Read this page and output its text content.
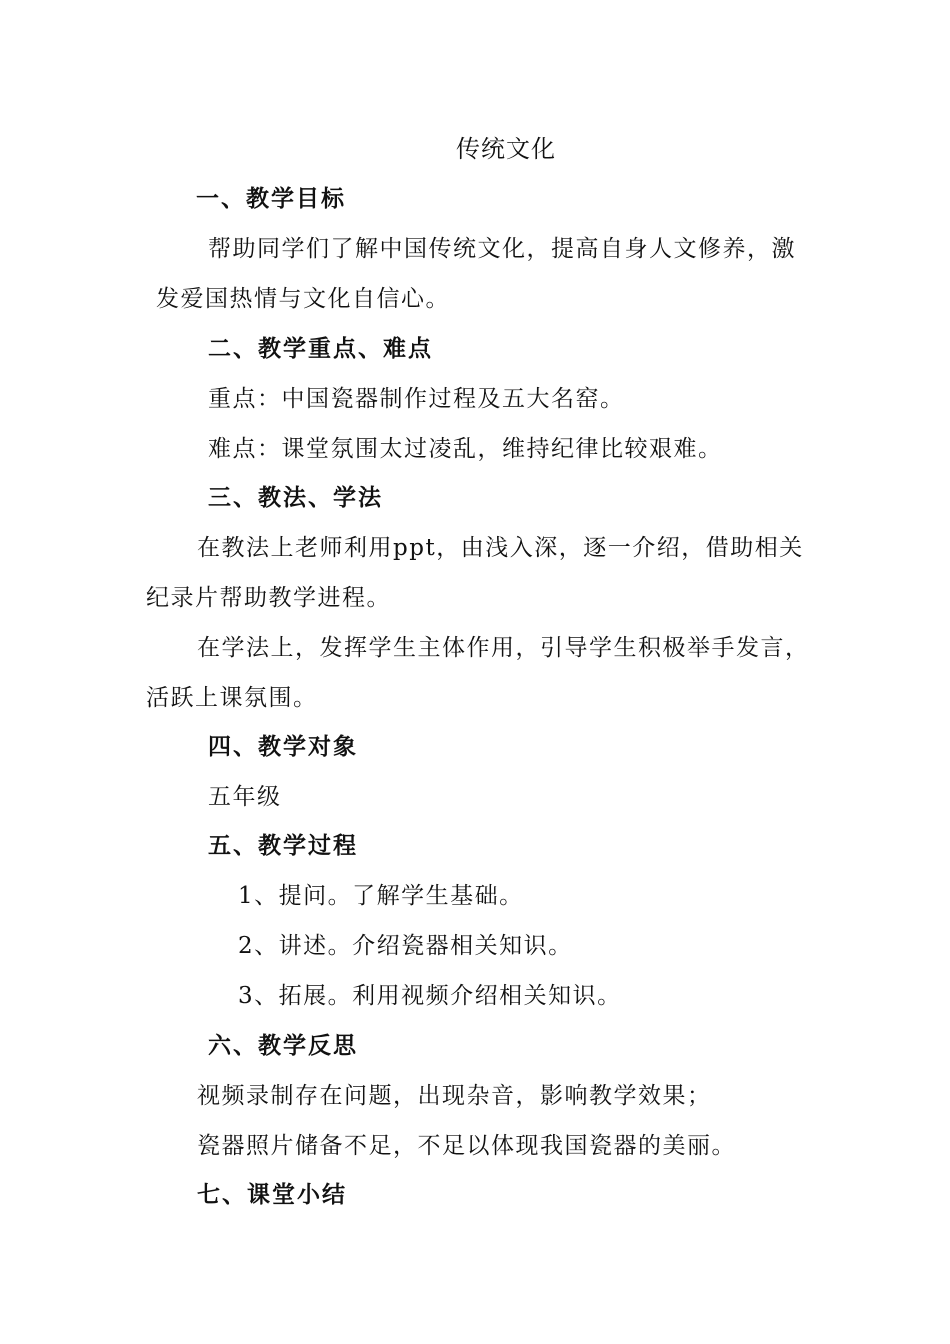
传统文化
一、教学目标
帮助同学们了解中国传统文化，提高自身人文修养，激
发爱国热情与文化自信心。
二、教学重点、难点
重点：中国瓷器制作过程及五大名窑。
难点：课堂氛围太过凌乱，维持纪律比较艰难。
三、教法、学法
在教法上老师利用ppt，由浅入深，逐一介绍，借助相关
纪录片帮助教学进程。
在学法上，发挥学生主体作用，引导学生积极举手发言，
活跃上课氛围。
四、教学对象
五年级
五、教学过程
1、提问。了解学生基础。
2、讲述。介绍瓷器相关知识。
3、拓展。利用视频介绍相关知识。
六、教学反思
视频录制存在问题，出现杂音，影响教学效果；
瓷器照片储备不足，不足以体现我国瓷器的美丽。
七、课堂小结
